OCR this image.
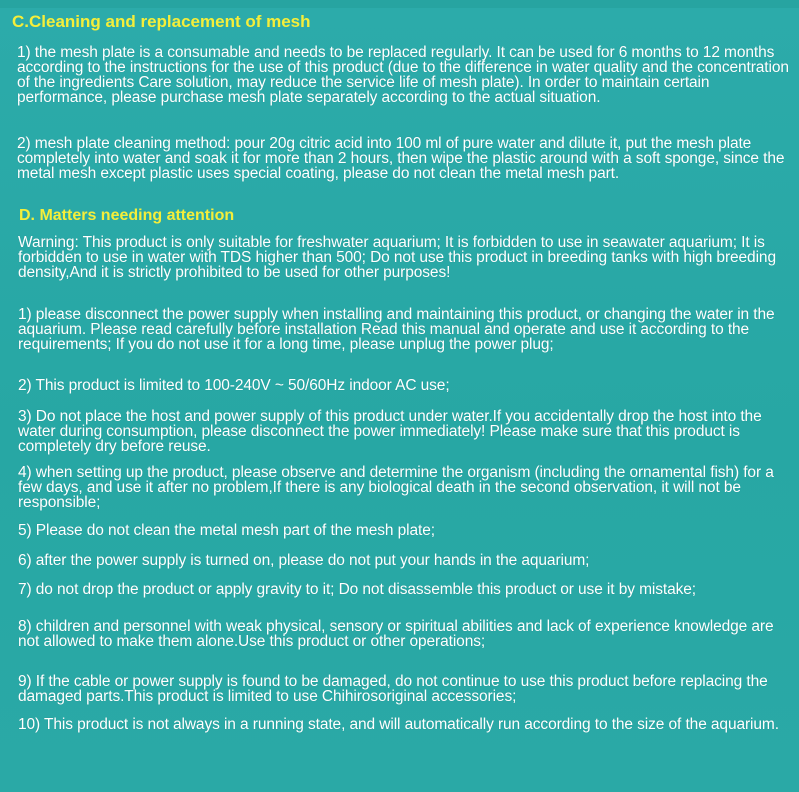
C.Cleaning and replacement of mesh
1) the mesh plate is a consumable and needs to be replaced regularly. It can be used for 6 months to 12 months according to the instructions for the use of this product (due to the difference in water quality and the concentration of the ingredients Care solution, may reduce the service life of mesh plate). In order to maintain certain performance, please purchase mesh plate separately according to the actual situation.
2) mesh plate cleaning method: pour 20g citric acid into 100 ml of pure water and dilute it, put the mesh plate completely into water and soak it for more than 2 hours, then wipe the plastic around with a soft sponge, since the metal mesh except plastic uses special coating, please do not clean the metal mesh part.
D. Matters needing attention
Warning: This product is only suitable for freshwater aquarium; It is forbidden to use in seawater aquarium; It is forbidden to use in water with TDS higher than 500; Do not use this product in breeding tanks with high breeding density,And it is strictly prohibited to be used for other purposes!
1) please disconnect the power supply when installing and maintaining this product, or changing the water in the aquarium. Please read carefully before installation Read this manual and operate and use it according to the requirements; If you do not use it for a long time, please unplug the power plug;
2) This product is limited to 100-240V ~ 50/60Hz indoor AC use;
3) Do not place the host and power supply of this product under water.If you accidentally drop the host into the water during consumption, please disconnect the power immediately! Please make sure that this product is completely dry before reuse.
4) when setting up the product, please observe and determine the organism (including the ornamental fish) for a few days, and use it after no problem,If there is any biological death in the second observation, it will not be responsible;
5) Please do not clean the metal mesh part of the mesh plate;
6) after the power supply is turned on, please do not put your hands in the aquarium;
7) do not drop the product or apply gravity to it; Do not disassemble this product or use it by mistake;
8) children and personnel with weak physical, sensory or spiritual abilities and lack of experience knowledge are not allowed to make them alone.Use this product or other operations;
9) If the cable or power supply is found to be damaged, do not continue to use this product before replacing the damaged parts.This product is limited to use Chihirosoriginal accessories;
10) This product is not always in a running state, and will automatically run according to the size of the aquarium.
